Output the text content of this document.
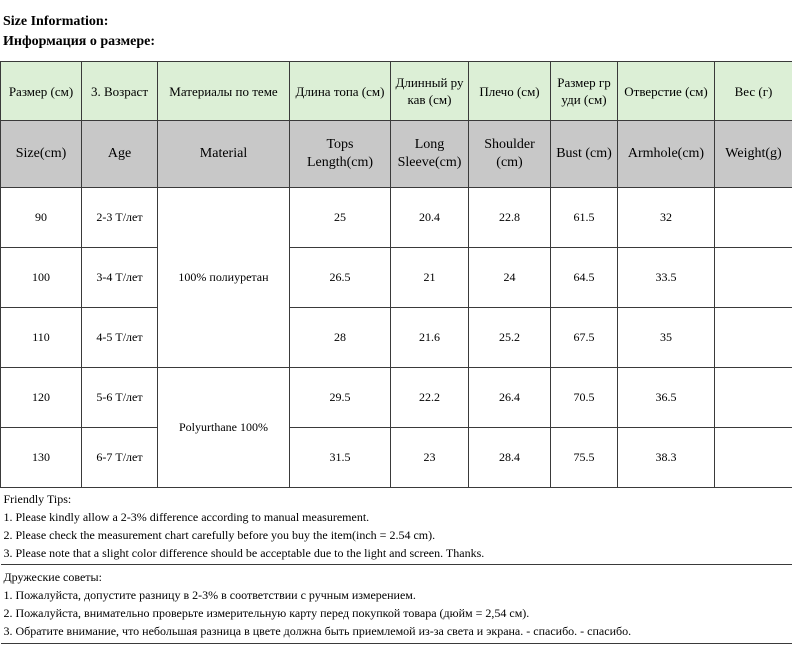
Size Information:
Информация о размере:
Размер (см)	3. Возраст	Материалы по теме	Длина топа (см)	Длинный ру кав (см)	Плечо (см)	Размер гр уди (см)	Отверстие (см)	Вес (г)
Size(cm)	Age	Material	Tops Length(cm)	Long Sleeve(cm)	Shoulder (cm)	Bust (cm)	Armhole(cm)	Weight(g)
90	2-3 Т/лет	100% полиуретан	25	20.4	22.8	61.5	32	
100	3-4 Т/лет		26.5	21	24	64.5	33.5	
110	4-5 Т/лет		28	21.6	25.2	67.5	35	
120	5-6 Т/лет	Polyurthane 100%	29.5	22.2	26.4	70.5	36.5	
130	6-7 Т/лет		31.5	23	28.4	75.5	38.3	

Friendly Tips:
1. Please kindly allow a 2-3% difference according to manual measurement.
2. Please check the measurement chart carefully before you buy the item(inch = 2.54 cm).
3. Please note that a slight color difference should be acceptable due to the light and screen. Thanks.								

Дружеские советы:
1. Пожалуйста, допустите разницу в 2-3% в соответствии с ручным измерением.
2. Пожалуйста, внимательно проверьте измерительную карту перед покупкой товара (дюйм = 2,54 см).
3. Обратите внимание, что небольшая разница в цвете должна быть приемлемой из-за света и экрана. - спасибо. - спасибо.								
